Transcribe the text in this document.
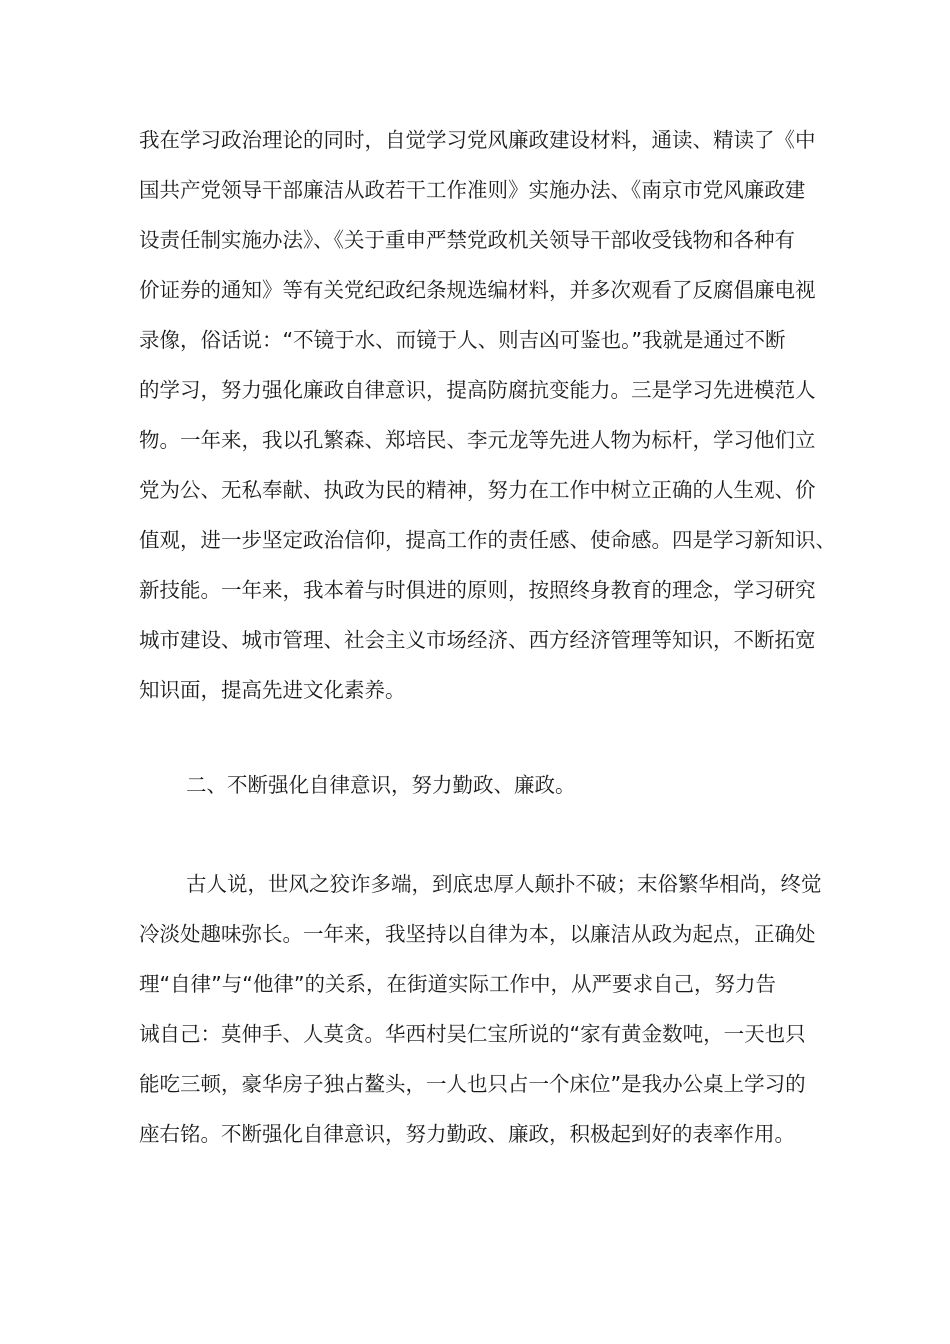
我在学习政治理论的同时，自觉学习党风廉政建设材料，通读、精读了《中

国共产党领导干部廉洁从政若干工作准则》实施办法、《南京市党风廉政建

设责任制实施办法》、《关于重申严禁党政机关领导干部收受钱物和各种有

价证券的通知》等有关党纪政纪条规选编材料，并多次观看了反腐倡廉电视

录像，俗话说：“不镜于水、而镜于人、则吉凶可鉴也。”我就是通过不断

的学习，努力强化廉政自律意识，提高防腐抗变能力。三是学习先进模范人

物。一年来，我以孔繁森、郑培民、李元龙等先进人物为标杆，学习他们立

党为公、无私奉献、执政为民的精神，努力在工作中树立正确的人生观、价

值观，进一步坚定政治信仰，提高工作的责任感、使命感。四是学习新知识、

新技能。一年来，我本着与时俱进的原则，按照终身教育的理念，学习研究

城市建设、城市管理、社会主义市场经济、西方经济管理等知识，不断拓宽

知识面，提高先进文化素养。

二、不断强化自律意识，努力勤政、廉政。

古人说，世风之狡诈多端，到底忠厚人颠扑不破；末俗繁华相尚，终觉

冷淡处趣味弥长。一年来，我坚持以自律为本，以廉洁从政为起点，正确处

理“自律”与“他律”的关系，在街道实际工作中，从严要求自己，努力告

诫自己：莫伸手、人莫贪。华西村吴仁宝所说的“家有黄金数吨，一天也只

能吃三顿，豪华房子独占鳌头，一人也只占一个床位”是我办公桌上学习的

座右铭。不断强化自律意识，努力勤政、廉政，积极起到好的表率作用。
